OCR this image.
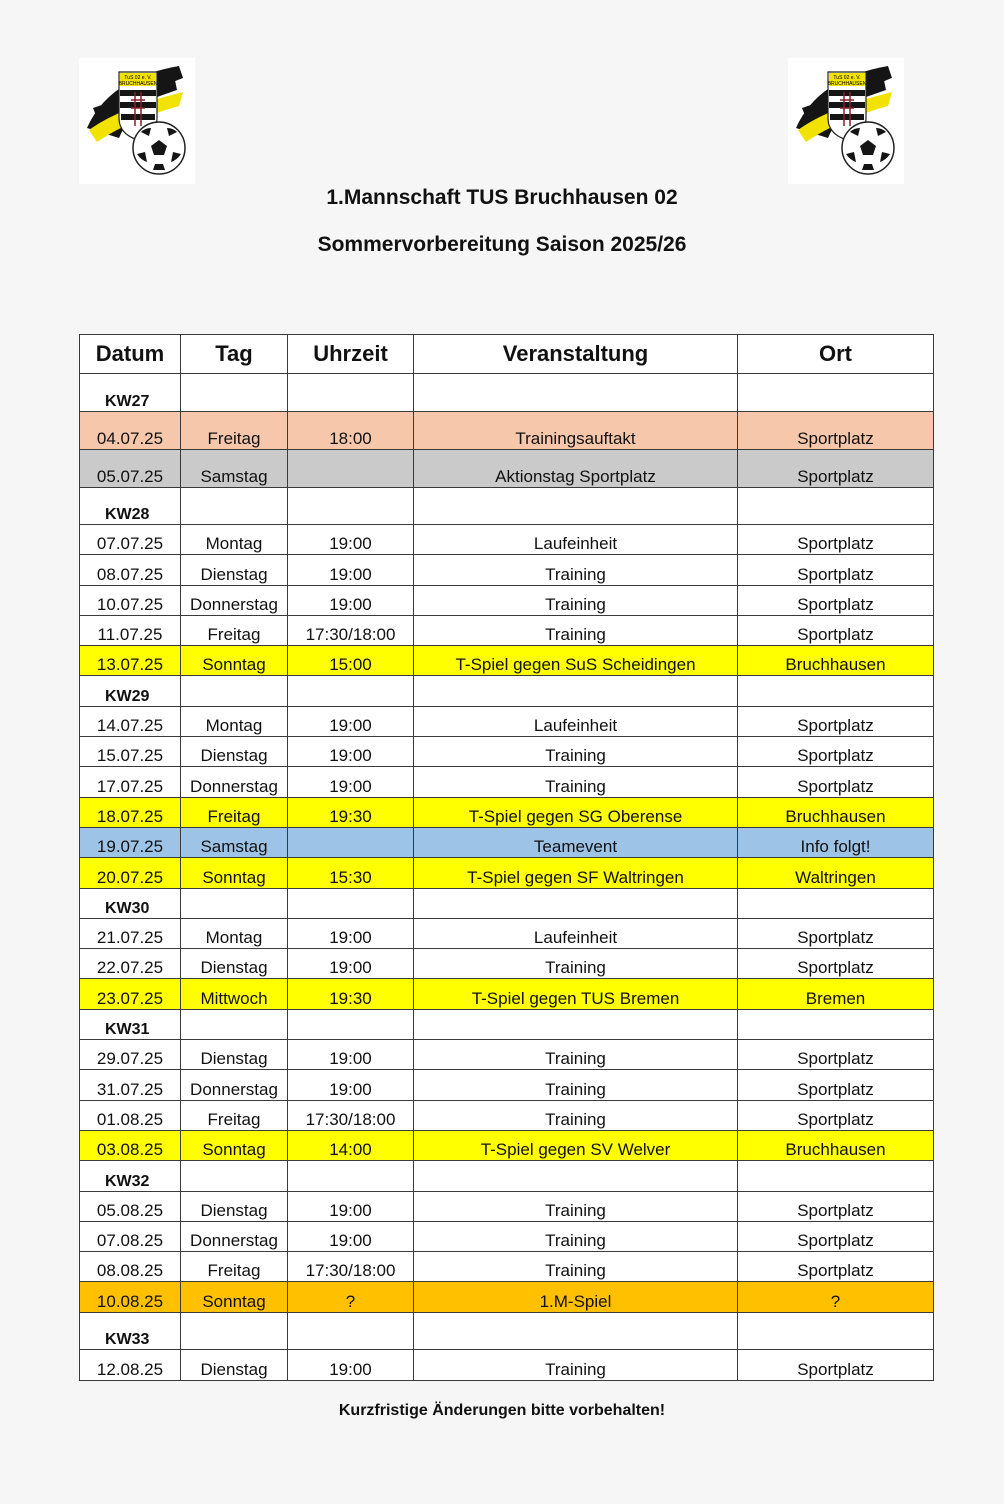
TuS 02 e. V.
BRUCHHAUSEN
TuS 02 e. V.
BRUCHHAUSEN
1.Mannschaft TUS Bruchhausen 02
Sommervorbereitung Saison 2025/26
Datum	Tag	Uhrzeit	Veranstaltung	Ort
KW27				
04.07.25	Freitag	18:00	Trainingsauftakt	Sportplatz
05.07.25	Samstag		Aktionstag Sportplatz	Sportplatz
KW28				
07.07.25	Montag	19:00	Laufeinheit	Sportplatz
08.07.25	Dienstag	19:00	Training	Sportplatz
10.07.25	Donnerstag	19:00	Training	Sportplatz
11.07.25	Freitag	17:30/18:00	Training	Sportplatz
13.07.25	Sonntag	15:00	T-Spiel gegen SuS Scheidingen	Bruchhausen
KW29				
14.07.25	Montag	19:00	Laufeinheit	Sportplatz
15.07.25	Dienstag	19:00	Training	Sportplatz
17.07.25	Donnerstag	19:00	Training	Sportplatz
18.07.25	Freitag	19:30	T-Spiel gegen SG Oberense	Bruchhausen
19.07.25	Samstag		Teamevent	Info folgt!
20.07.25	Sonntag	15:30	T-Spiel gegen SF Waltringen	Waltringen
KW30				
21.07.25	Montag	19:00	Laufeinheit	Sportplatz
22.07.25	Dienstag	19:00	Training	Sportplatz
23.07.25	Mittwoch	19:30	T-Spiel gegen TUS Bremen	Bremen
KW31				
29.07.25	Dienstag	19:00	Training	Sportplatz
31.07.25	Donnerstag	19:00	Training	Sportplatz
01.08.25	Freitag	17:30/18:00	Training	Sportplatz
03.08.25	Sonntag	14:00	T-Spiel gegen SV Welver	Bruchhausen
KW32				
05.08.25	Dienstag	19:00	Training	Sportplatz
07.08.25	Donnerstag	19:00	Training	Sportplatz
08.08.25	Freitag	17:30/18:00	Training	Sportplatz
10.08.25	Sonntag	?	1.M-Spiel	?
KW33				
12.08.25	Dienstag	19:00	Training	Sportplatz
Kurzfristige Änderungen bitte vorbehalten!
